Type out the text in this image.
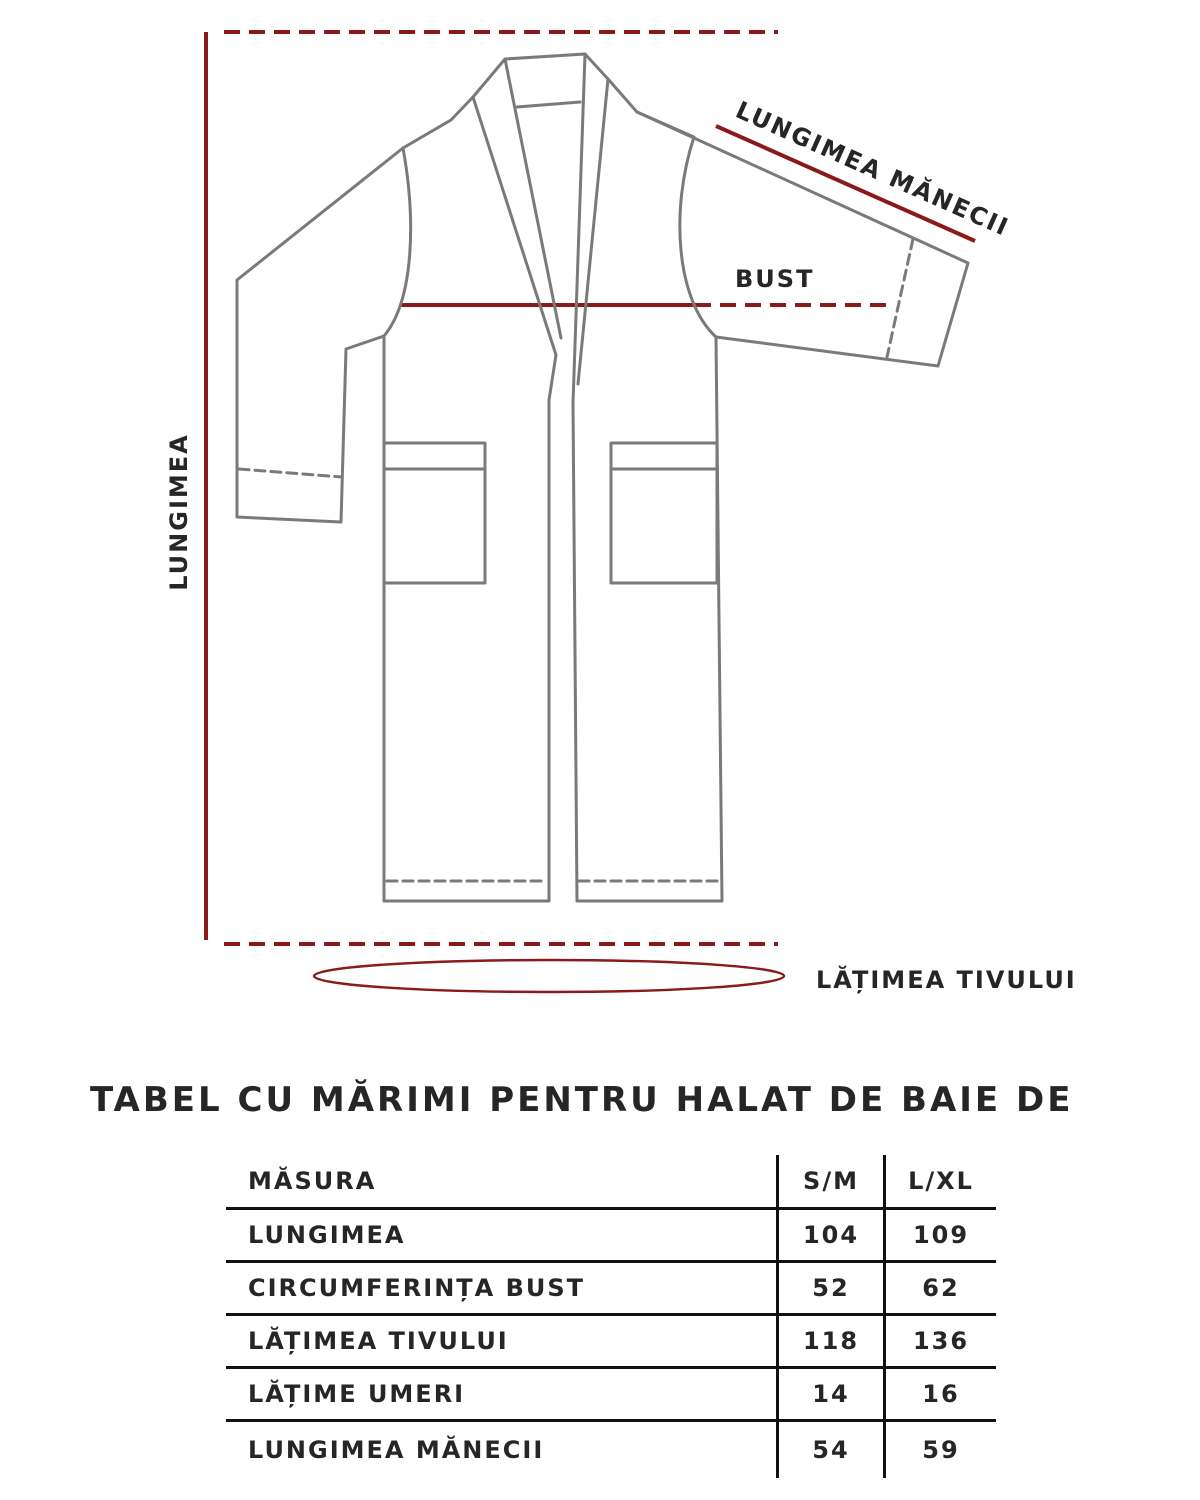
LUNGIMEA
LUNGIMEA MĂNECII
BUST
LĂȚIMEA TIVULUI
TABEL CU MĂRIMI PENTRU HALAT DE BAIE DE
MĂSURA	S/M	L/XL
LUNGIMEA	104	109
CIRCUMFERINȚA BUST	52	62
LĂȚIMEA TIVULUI	118	136
LĂȚIME UMERI	14	16
LUNGIMEA MĂNECII	54	59
